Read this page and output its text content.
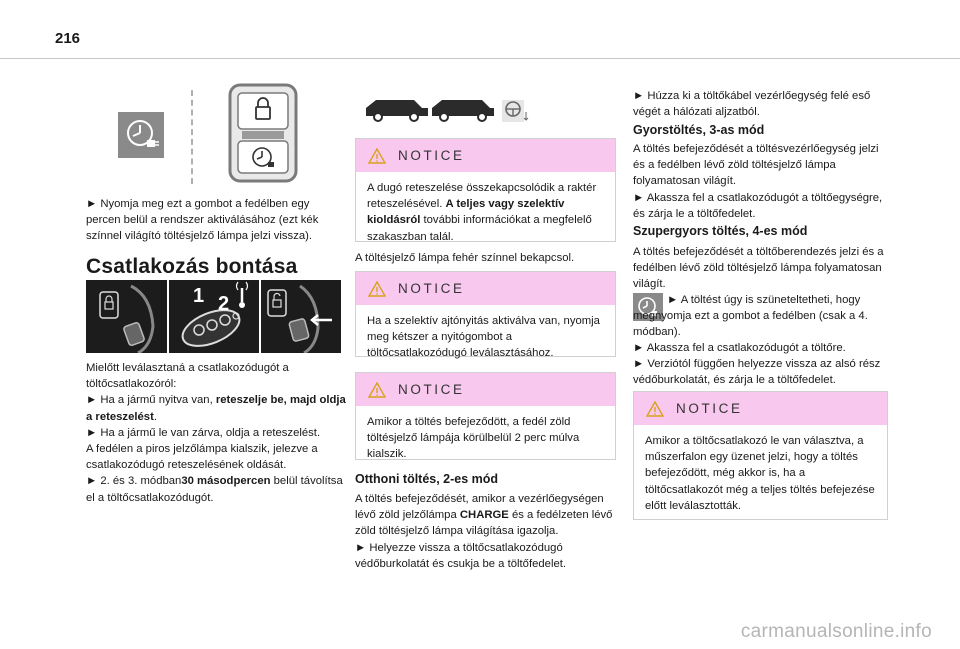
216

► Nyomja meg ezt a gombot a fedélben egy percen belül a rendszer aktiválásához (ezt kék színnel világító töltésjelző lámpa jelzi vissza).

Csatlakozás bontása
1 2

Mielőtt leválasztaná a csatlakozódugót a töltőcsatlakozóról:
► Ha a jármű nyitva van, reteszelje be, majd oldja a reteszelést.
► Ha a jármű le van zárva, oldja a reteszelést.
A fedélen a piros jelzőlámpa kialszik, jelezve a csatlakozódugó reteszelésének oldását.
► 2. és 3. módban30 másodpercen belül távolítsa el a töltőcsatlakozódugót.

NOTICE
A dugó reteszelése összekapcsolódik a raktér reteszelésével. A teljes vagy szelektív kioldásról további információkat a megfelelő szakaszban talál.

A töltésjelző lámpa fehér színnel bekapcsol.

NOTICE
Ha a szelektív ajtónyitás aktiválva van, nyomja meg kétszer a nyitógombot a töltőcsatlakozódugó leválasztásához.
NOTICE
Amikor a töltés befejeződött, a fedél zöld töltésjelző lámpája körülbelül 2 perc múlva kialszik.
Otthoni töltés, 2-es mód

A töltés befejeződését, amikor a vezérlőegységen lévő zöld jelzőlámpa CHARGE és a fedélzeten lévő zöld töltésjelző lámpa világítása igazolja.
► Helyezze vissza a töltőcsatlakozódugó védőburkolatát és csukja be a töltőfedelet.

► Húzza ki a töltőkábel vezérlőegység felé eső végét a hálózati aljzatból.

Gyorstöltés, 3-as mód

A töltés befejeződését a töltésvezérlőegység jelzi és a fedélben lévő zöld töltésjelző lámpa folyamatosan világít.
► Akassza fel a csatlakozódugót a töltőegységre, és zárja le a töltőfedelet.

Szupergyors töltés, 4-es mód

A töltés befejeződését a töltőberendezés jelzi és a fedélben lévő zöld töltésjelző lámpa folyamatosan világít.

► A töltést úgy is szüneteltetheti, hogy megnyomja ezt a gombot a fedélben (csak a 4. módban).

► Akassza fel a csatlakozódugót a töltőre.
► Verziótól függően helyezze vissza az alsó rész védőburkolatát, és zárja le a töltőfedelet.

NOTICE
Amikor a töltőcsatlakozó le van választva, a műszerfalon egy üzenet jelzi, hogy a töltés befejeződött, még akkor is, ha a töltőcsatlakozót még a teljes töltés befejezése előtt leválasztották.
carmanualsonline.info
